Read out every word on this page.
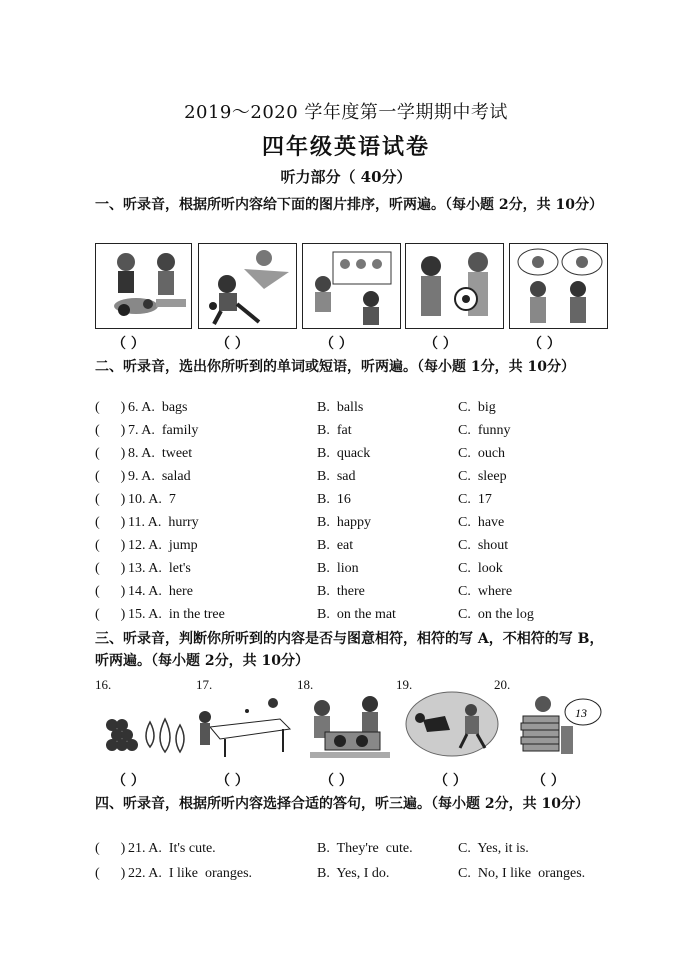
2019～2020 学年度第一学期期中考试
四年级英语试卷
听力部分（ 40分）
一、听录音，根据所听内容给下面的图片排序，听两遍。（每小题 2分，共 10分）
（ ）	（ ）	（ ）	（ ）	（ ）
二、听录音，选出你所听到的单词或短语，听两遍。（每小题 1分，共 10分）
(      ) 6. A.  bags	B.  balls	C.  big
(      ) 7. A.  family	B.  fat	C.  funny
(      ) 8. A.  tweet	B.  quack	C.  ouch
(      ) 9. A.  salad	B.  sad	C.  sleep
(      ) 10. A.  7	B.  16	C.  17
(      ) 11. A.  hurry	B.  happy	C.  have
(      ) 12. A.  jump	B.  eat	C.  shout
(      ) 13. A.  let's	B.  lion	C.  look
(      ) 14. A.  here	B.  there	C.  where
(      ) 15. A.  in the tree	B.  on the mat	C.  on the log
三、听录音，判断你所听到的内容是否与图意相符，相符的写 A，不相符的写 B，听两遍。（每小题 2分，共 10分）
16.	17.	18.	19.	20.
13
（ ）	（ ）	（ ）	（ ）	（ ）
四、听录音，根据所听内容选择合适的答句，听三遍。（每小题 2分，共 10分）
(      ) 21. A.  It's cute.	B.  They're  cute.	C.  Yes, it is.
(      ) 22. A.  I like  oranges.	B.  Yes, I do.	C.  No, I like  oranges.
